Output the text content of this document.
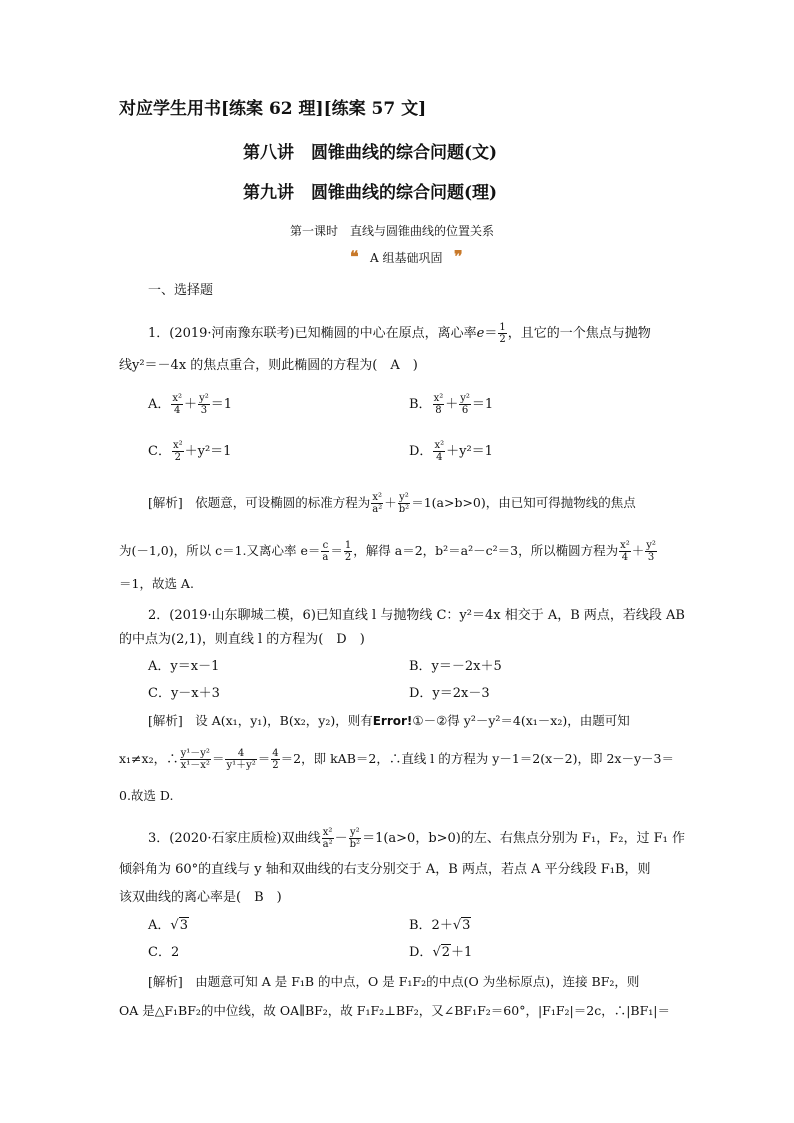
对应学生用书[练案 62 理][练案 57 文]
第八讲　圆锥曲线的综合问题(文)
第九讲　圆锥曲线的综合问题(理)
第一课时　直线与圆锥曲线的位置关系
❝ A 组基础巩固 ❞
一、选择题
1．(2019·河南豫东联考)已知椭圆的中心在原点，离心率$e= \frac{1}{2}$ ，且它的一个焦点与抛物
线y²＝－4x 的焦点重合，则此椭圆的方程为(　A　)
A． $\frac{\text{x²}}{4} + \frac{\text{y²}}{3} =1$	B． $\frac{\text{x²}}{8} + \frac{\text{y²}}{6} =1$
C． $\frac{\text{x²}}{2} +y^2=1$	D． $\frac{\text{x²}}{4} +y^2=1$
[解析]　依题意，可设椭圆的标准方程为 $\frac{\text{x²}}{\text{a²}} + \frac{\text{y²}}{\text{b²}} =1(a>b>0)$，由已知可得抛物线的焦点
为(－1,0)，所以 c＝1.又离心率 $e= \frac{c}{a} = \frac{1}{2}$ ，解得 a＝2，b²＝a²－c²＝3，所以椭圆方程为 $\frac{\text{x²}}{4} + \frac{\text{y²}}{3}$
＝1，故选 A.
2．(2019·山东聊城二模，6)已知直线 l 与抛物线 C：y²＝4x 相交于 A，B 两点，若线段 AB
的中点为(2,1)，则直线 l 的方程为(　D　)
A．y＝x－1	B．y＝－2x＋5
C．y－x＋3	D．y＝2x－3
[解析]　设 A(x₁，y₁)，B(x₂，y₂)，则有Error!①－②得 y²－y²＝4(x₁－x₂)，由题可知
x₁≠x₂，∴ $\frac{\text{y¹－y²}}{\text{x¹－x²}} = \frac{4}{\text{y¹＋y²}} = \frac{4}{2} =2$，即 kAB＝2，∴直线 l 的方程为 y－1＝2(x－2)，即 2x－y－3＝
0.故选 D.
3．(2020·石家庄质检)双曲线 $\frac{\text{x²}}{\text{a²}} - \frac{\text{y²}}{\text{b²}} =1(a>0$，b>0)的左、右焦点分别为 F₁，F₂，过 F₁ 作
倾斜角为 60°的直线与 y 轴和双曲线的右支分别交于 A，B 两点，若点 A 平分线段 F₁B，则
该双曲线的离心率是(　B　)
A．√3	B．2＋√3
C．2	D．√2＋1
[解析]　由题意可知 A 是 F₁B 的中点，O 是 F₁F₂的中点(O 为坐标原点)，连接 BF₂，则
OA 是△F₁BF₂的中位线，故 OA∥BF₂，故 F₁F₂⊥BF₂，又∠BF₁F₂＝60°，|F₁F₂|＝2c，∴|BF₁|＝
